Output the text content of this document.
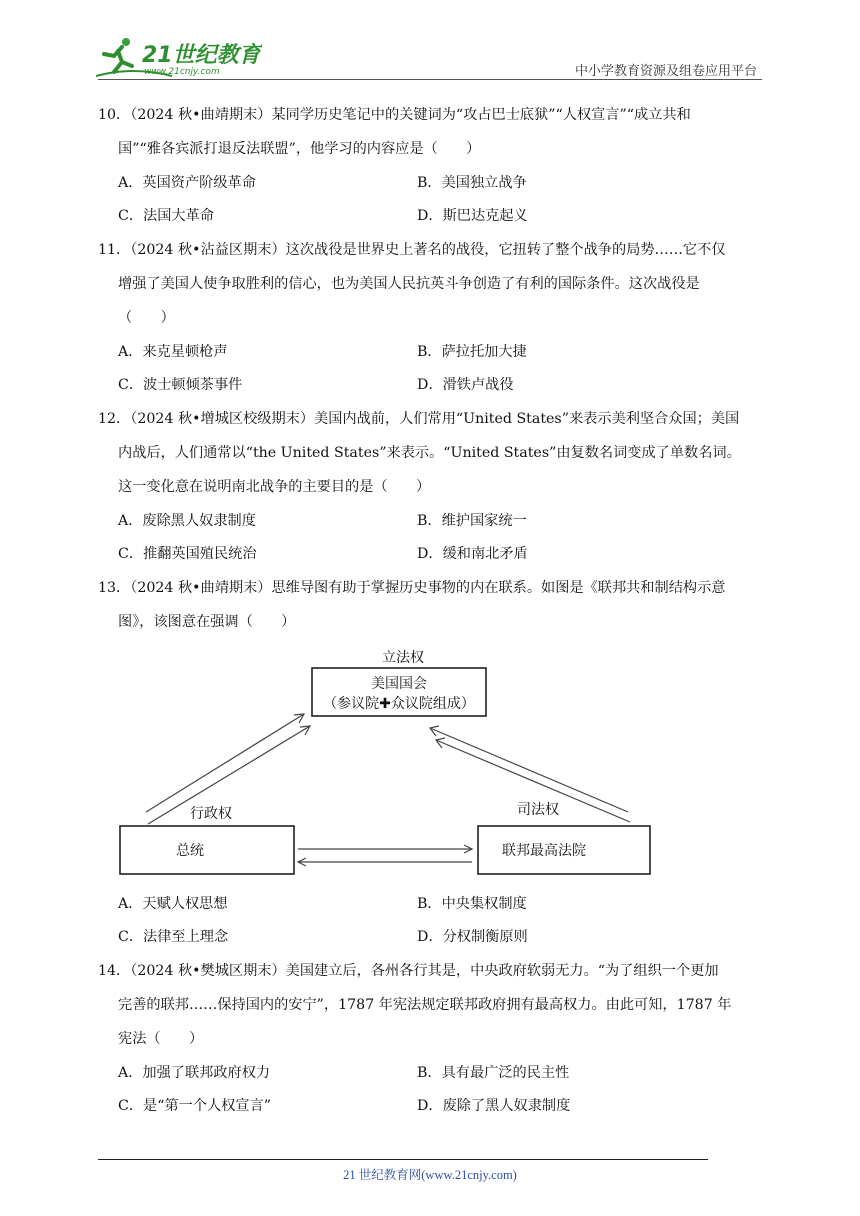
21世纪教育
www.21cnjy.com	中小学教育资源及组卷应用平台
10．（2024 秋•曲靖期末）某同学历史笔记中的关键词为“攻占巴士底狱”“人权宣言”“成立共和
国”“雅各宾派打退反法联盟”，他学习的内容应是（　　）
A．英国资产阶级革命	B．美国独立战争
C．法国大革命	D．斯巴达克起义
11．（2024 秋•沾益区期末）这次战役是世界史上著名的战役，它扭转了整个战争的局势……它不仅
增强了美国人使争取胜利的信心，也为美国人民抗英斗争创造了有利的国际条件。这次战役是
（　　）
A．来克星顿枪声	B．萨拉托加大捷
C．波士顿倾茶事件	D．滑铁卢战役
12．（2024 秋•增城区校级期末）美国内战前，人们常用“United States”来表示美利坚合众国；美国
内战后，人们通常以“the United States”来表示。“United States”由复数名词变成了单数名词。
这一变化意在说明南北战争的主要目的是（　　）
A．废除黑人奴隶制度	B．维护国家统一
C．推翻英国殖民统治	D．缓和南北矛盾
13．（2024 秋•曲靖期末）思维导图有助于掌握历史事物的内在联系。如图是《联邦共和制结构示意
图》，该图意在强调（　　）
立法权
美国国会
（参议院✚众议院组成）
行政权
总统
司法权
联邦最高法院
A．天赋人权思想	B．中央集权制度
C．法律至上理念	D．分权制衡原则
14．（2024 秋•樊城区期末）美国建立后，各州各行其是，中央政府软弱无力。“为了组织一个更加
完善的联邦……保持国内的安宁”，1787 年宪法规定联邦政府拥有最高权力。由此可知，1787 年
宪法（　　）
A．加强了联邦政府权力	B．具有最广泛的民主性
C．是“第一个人权宣言”	D．废除了黑人奴隶制度
21 世纪教育网(www.21cnjy.com)
